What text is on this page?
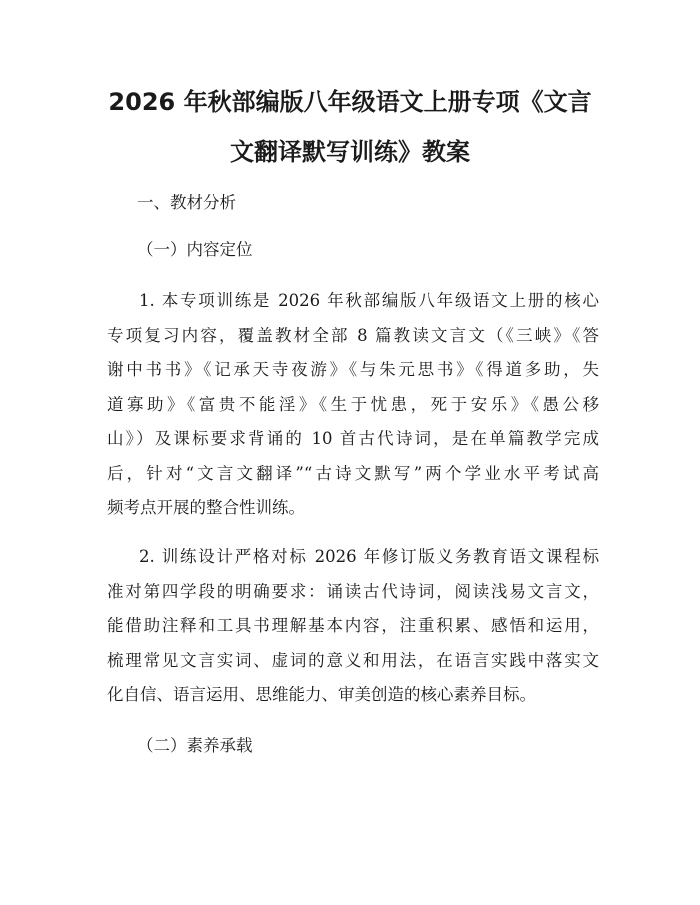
2026 年秋部编版八年级语文上册专项《文言
文翻译默写训练》教案

一、教材分析

（一）内容定位

1. 本专项训练是 2026 年秋部编版八年级语文上册的核心
专项复习内容，覆盖教材全部 8 篇教读文言文（《三峡》《答
谢中书书》《记承天寺夜游》《与朱元思书》《得道多助，失
道寡助》《富贵不能淫》《生于忧患，死于安乐》《愚公移
山》）及课标要求背诵的 10 首古代诗词，是在单篇教学完成
后，针对“文言文翻译”“古诗文默写”两个学业水平考试高
频考点开展的整合性训练。
2. 训练设计严格对标 2026 年修订版义务教育语文课程标
准对第四学段的明确要求：诵读古代诗词，阅读浅易文言文，
能借助注释和工具书理解基本内容，注重积累、感悟和运用，
梳理常见文言实词、虚词的意义和用法，在语言实践中落实文
化自信、语言运用、思维能力、审美创造的核心素养目标。

（二）素养承载
